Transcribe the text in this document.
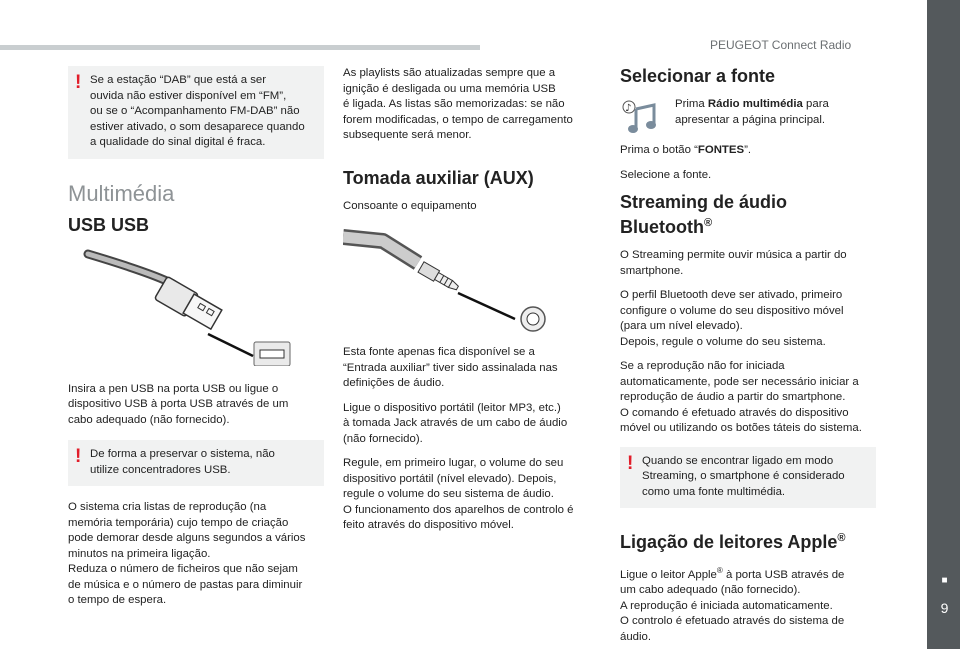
PEUGEOT Connect Radio
■
9
! Se a estação “DAB” que está a ser
ouvida não estiver disponível em “FM”,
ou se o “Acompanhamento FM-DAB” não
estiver ativado, o som desaparece quando
a qualidade do sinal digital é fraca.
Multimédia
USB USB

Insira a pen USB na porta USB ou ligue o
dispositivo USB à porta USB através de um
cabo adequado (não fornecido).

! De forma a preservar o sistema, não
utilize concentradores USB.

O sistema cria listas de reprodução (na
memória temporária) cujo tempo de criação
pode demorar desde alguns segundos a vários
minutos na primeira ligação.
Reduza o número de ficheiros que não sejam
de música e o número de pastas para diminuir
o tempo de espera.

As playlists são atualizadas sempre que a
ignição é desligada ou uma memória USB
é ligada. As listas são memorizadas: se não
forem modificadas, o tempo de carregamento
subsequente será menor.

Tomada auxiliar (AUX)

Consoante o equipamento

Esta fonte apenas fica disponível se a
“Entrada auxiliar” tiver sido assinalada nas
definições de áudio.

Ligue o dispositivo portátil (leitor MP3, etc.)
à tomada Jack através de um cabo de áudio
(não fornecido).

Regule, em primeiro lugar, o volume do seu
dispositivo portátil (nível elevado). Depois,
regule o volume do seu sistema de áudio.
O funcionamento dos aparelhos de controlo é
feito através do dispositivo móvel.

Selecionar a fonte
♪	Prima Rádio multimédia para
apresentar a página principal.

Prima o botão “FONTES”.

Selecione a fonte.

Streaming de áudio
Bluetooth®

O Streaming permite ouvir música a partir do
smartphone.

O perfil Bluetooth deve ser ativado, primeiro
configure o volume do seu dispositivo móvel
(para um nível elevado).
Depois, regule o volume do seu sistema.

Se a reprodução não for iniciada
automaticamente, pode ser necessário iniciar a
reprodução de áudio a partir do smartphone.
O comando é efetuado através do dispositivo
móvel ou utilizando os botões táteis do sistema.

! Quando se encontrar ligado em modo
Streaming, o smartphone é considerado
como uma fonte multimédia.
Ligação de leitores Apple®

Ligue o leitor Apple® à porta USB através de
um cabo adequado (não fornecido).
A reprodução é iniciada automaticamente.
O controlo é efetuado através do sistema de
áudio.
